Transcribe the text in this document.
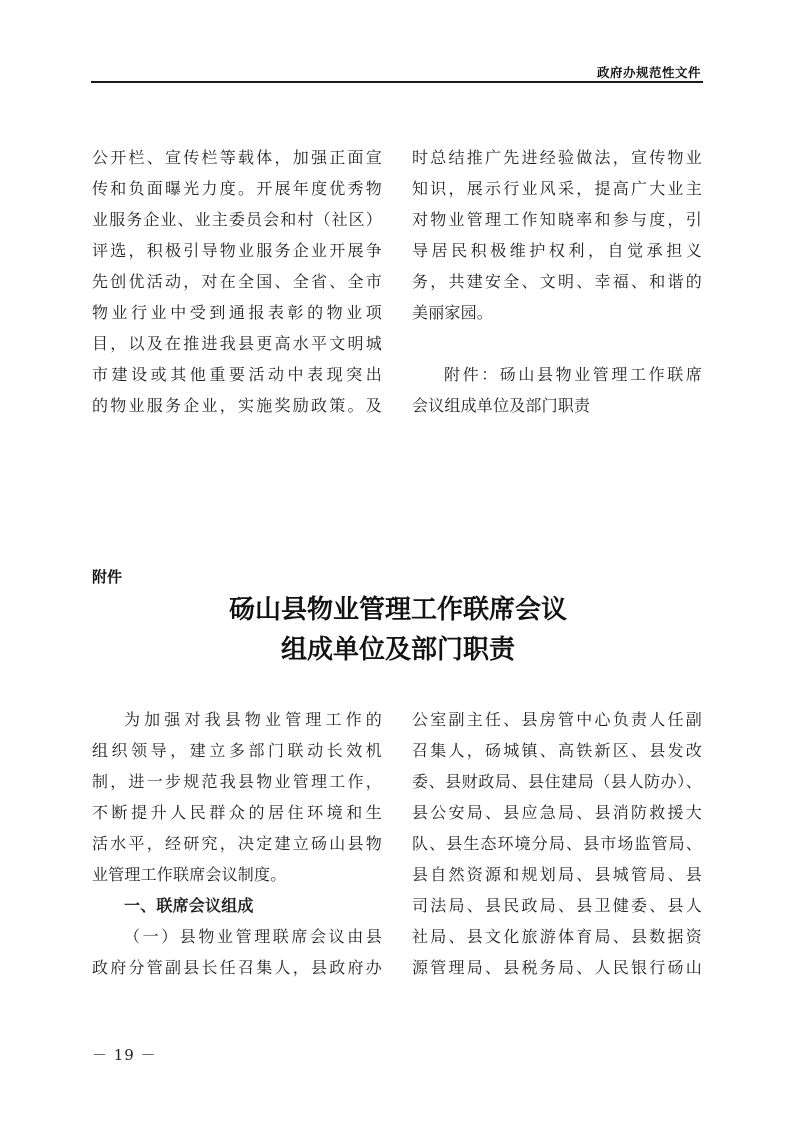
政府办规范性文件
公开栏、宣传栏等载体，加强正面宣
传和负面曝光力度。开展年度优秀物
业服务企业、业主委员会和村（社区）
评选，积极引导物业服务企业开展争
先创优活动，对在全国、全省、全市
物业行业中受到通报表彰的物业项
目，以及在推进我县更高水平文明城
市建设或其他重要活动中表现突出
的物业服务企业，实施奖励政策。及
时总结推广先进经验做法，宣传物业
知识，展示行业风采，提高广大业主
对物业管理工作知晓率和参与度，引
导居民积极维护权利，自觉承担义
务，共建安全、文明、幸福、和谐的
美丽家园。
附件：砀山县物业管理工作联席
会议组成单位及部门职责
附件
砀山县物业管理工作联席会议
组成单位及部门职责
为加强对我县物业管理工作的
组织领导，建立多部门联动长效机
制，进一步规范我县物业管理工作，
不断提升人民群众的居住环境和生
活水平，经研究，决定建立砀山县物
业管理工作联席会议制度。
一、联席会议组成
（一）县物业管理联席会议由县
政府分管副县长任召集人，县政府办
公室副主任、县房管中心负责人任副
召集人，砀城镇、高铁新区、县发改
委、县财政局、县住建局（县人防办）、
县公安局、县应急局、县消防救援大
队、县生态环境分局、县市场监管局、
县自然资源和规划局、县城管局、县
司法局、县民政局、县卫健委、县人
社局、县文化旅游体育局、县数据资
源管理局、县税务局、人民银行砀山
－ 19 －
